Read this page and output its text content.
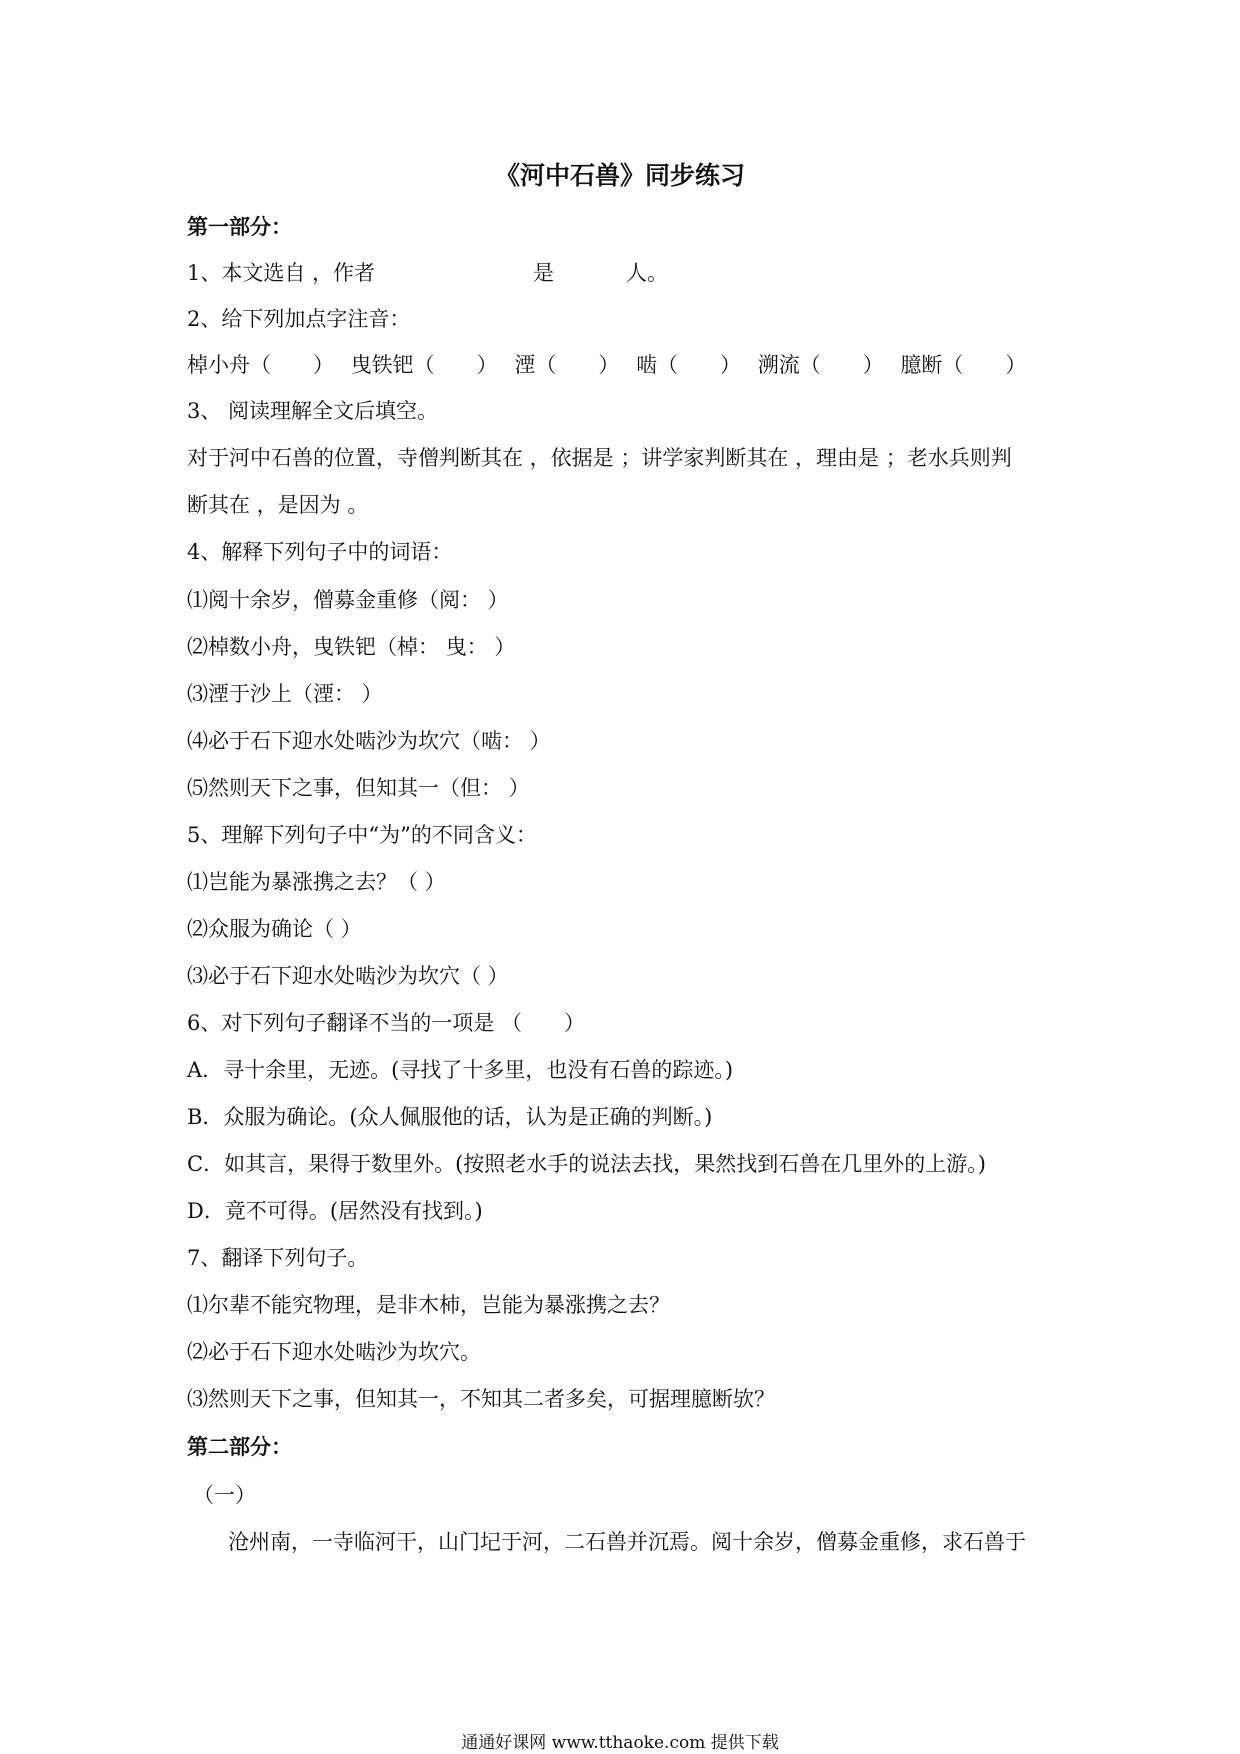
《河中石兽》同步练习
第一部分：
1、本文选自 ，作者	是	人。
2、给下列加点字注音：
棹小舟（　　） 曳铁钯（　　） 湮（　　） 啮（　　） 溯流（　　） 臆断（　　）
3、 阅读理解全文后填空。
对于河中石兽的位置，寺僧判断其在 ，依据是 ；讲学家判断其在 ，理由是 ；老水兵则判
断其在 ，是因为 。
4、解释下列句子中的词语：
⑴阅十余岁，僧募金重修（阅： ）
⑵棹数小舟，曳铁钯（棹： 曳： ）
⑶湮于沙上（湮： ）
⑷必于石下迎水处啮沙为坎穴（啮： ）
⑸然则天下之事，但知其一（但： ）
5、理解下列句子中“为”的不同含义：
⑴岂能为暴涨携之去？（ ）
⑵众服为确论（ ）
⑶必于石下迎水处啮沙为坎穴（ ）
6、对下列句子翻译不当的一项是 （　　）
A．寻十余里，无迹。(寻找了十多里，也没有石兽的踪迹。)
B．众服为确论。(众人佩服他的话，认为是正确的判断。)
C．如其言，果得于数里外。(按照老水手的说法去找，果然找到石兽在几里外的上游。)
D．竟不可得。(居然没有找到。)
7、翻译下列句子。
⑴尔辈不能究物理，是非木杮，岂能为暴涨携之去？
⑵必于石下迎水处啮沙为坎穴。
⑶然则天下之事，但知其一，不知其二者多矣，可据理臆断欤？
第二部分：
（一）
沧州南，一寺临河干，山门圮于河，二石兽并沉焉。阅十余岁，僧募金重修，求石兽于
通通好课网 www.tthaoke.com 提供下载
